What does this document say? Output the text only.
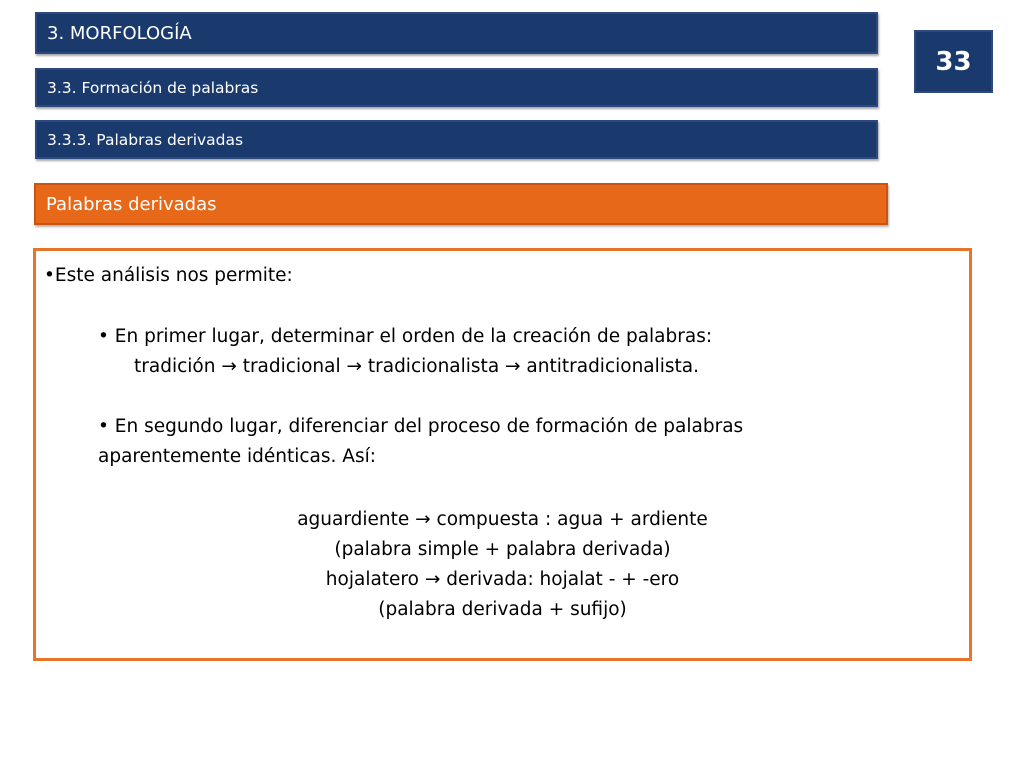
3. MORFOLOGÍA
3.3. Formación de palabras
3.3.3. Palabras derivadas
33
Palabras derivadas
•Este análisis nos permite:
• En primer lugar, determinar el orden de la creación de palabras:
tradición → tradicional → tradicionalista → antitradicionalista.
• En segundo lugar, diferenciar del proceso de formación de palabras
aparentemente idénticas. Así:
aguardiente → compuesta : agua + ardiente
(palabra simple + palabra derivada)
hojalatero → derivada: hojalat - + -ero
(palabra derivada + sufijo)
